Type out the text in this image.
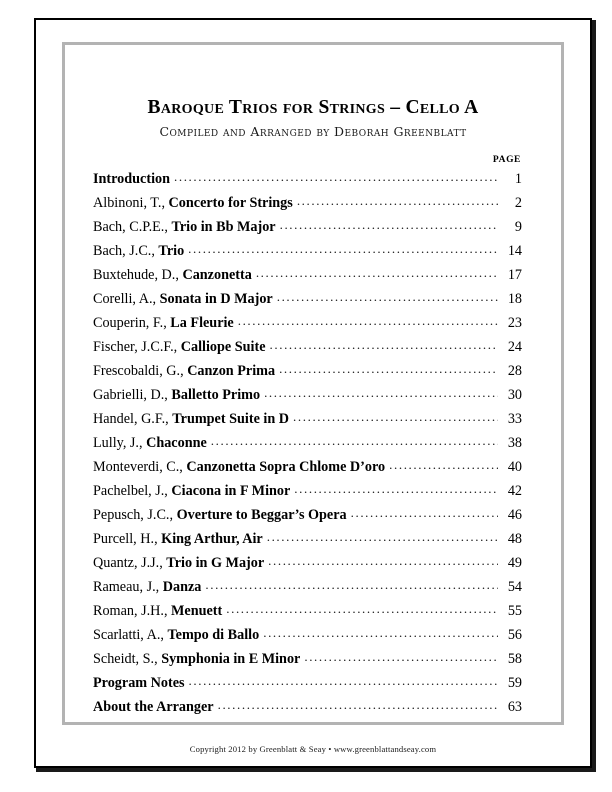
Baroque Trios for Strings – Cello A
Compiled and Arranged by Deborah Greenblatt
PAGE
Introduction .....	1
Albinoni, T., Concerto for Strings .....	2
Bach, C.P.E., Trio in Bb Major .....	9
Bach, J.C., Trio .....	14
Buxtehude, D., Canzonetta .....	17
Corelli, A., Sonata in D Major .....	18
Couperin, F., La Fleurie .....	23
Fischer, J.C.F., Calliope Suite .....	24
Frescobaldi, G., Canzon Prima .....	28
Gabrielli, D., Balletto Primo .....	30
Handel, G.F., Trumpet Suite in D .....	33
Lully, J., Chaconne .....	38
Monteverdi, C., Canzonetta Sopra Chlome D’oro .....	40
Pachelbel, J., Ciacona in F Minor .....	42
Pepusch, J.C., Overture to Beggar’s Opera .....	46
Purcell, H., King Arthur, Air .....	48
Quantz, J.J., Trio in G Major .....	49
Rameau, J., Danza .....	54
Roman, J.H., Menuett .....	55
Scarlatti, A., Tempo di Ballo .....	56
Scheidt, S., Symphonia in E Minor .....	58
Program Notes .....	59
About the Arranger .....	63
Copyright 2012 by Greenblatt & Seay • www.greenblattandseay.com
